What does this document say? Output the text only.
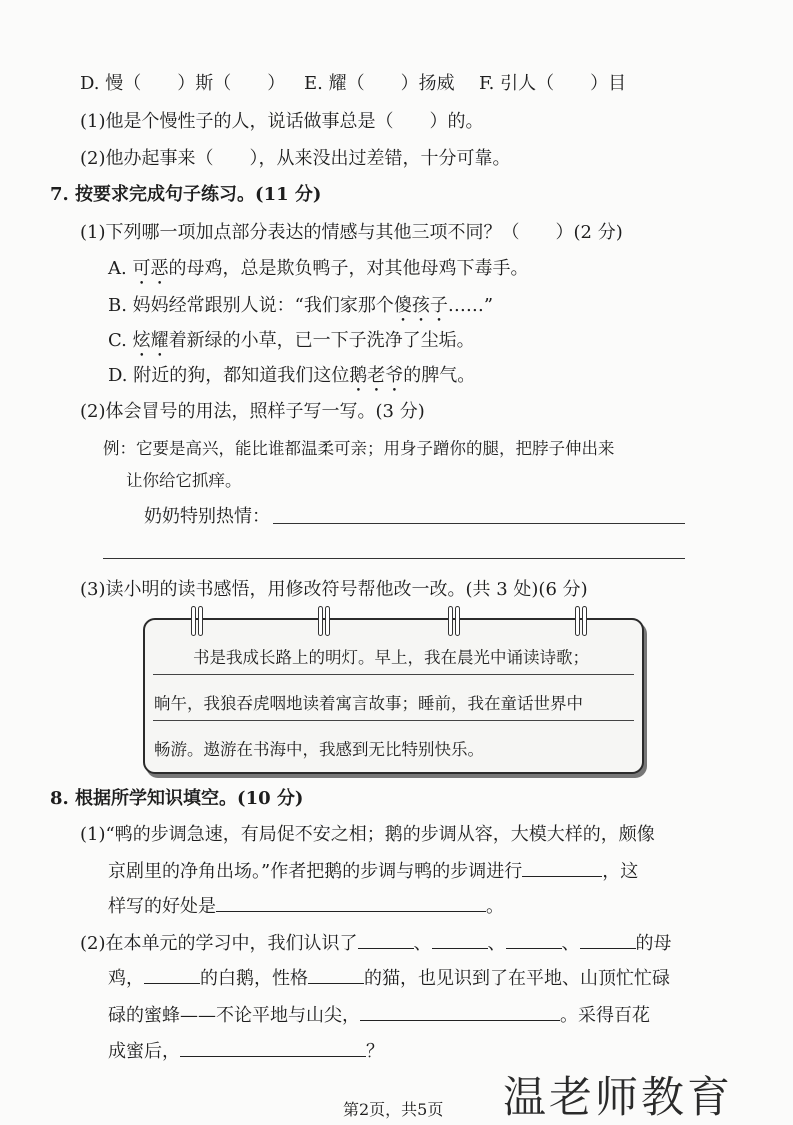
D. 慢（　　）斯（　　） E. 耀（　　）扬威 F. 引人（　　）目
(1)他是个慢性子的人，说话做事总是（　　）的。
(2)他办起事来（　　），从来没出过差错，十分可靠。
7. 按要求完成句子练习。(11 分)
(1)下列哪一项加点部分表达的情感与其他三项不同？（　　）(2 分)
A. 可恶的母鸡，总是欺负鸭子，对其他母鸡下毒手。
B. 妈妈经常跟别人说：“我们家那个傻孩子……”
C. 炫耀着新绿的小草，已一下子洗净了尘垢。
D. 附近的狗，都知道我们这位鹅老爷的脾气。
(2)体会冒号的用法，照样子写一写。(3 分)
例：它要是高兴，能比谁都温柔可亲；用身子蹭你的腿，把脖子伸出来
让你给它抓痒。
奶奶特别热情：
(3)读小明的读书感悟，用修改符号帮他改一改。(共 3 处)(6 分)
书是我成长路上的明灯。早上，我在晨光中诵读诗歌；
晌午，我狼吞虎咽地读着寓言故事；睡前，我在童话世界中
畅游。遨游在书海中，我感到无比特别快乐。
8. 根据所学知识填空。(10 分)
(1)“鸭的步调急速，有局促不安之相；鹅的步调从容，大模大样的，颇像
京剧里的净角出场。”作者把鹅的步调与鸭的步调进行	，这
样写的好处是	。
(2)在本单元的学习中，我们认识了	、	、	、	的母
鸡，	的白鹅，性格	的猫，也见识到了在平地、山顶忙忙碌
碌的蜜蜂——不论平地与山尖，	。采得百花
成蜜后，	？
第2页，共5页 温老师教育
